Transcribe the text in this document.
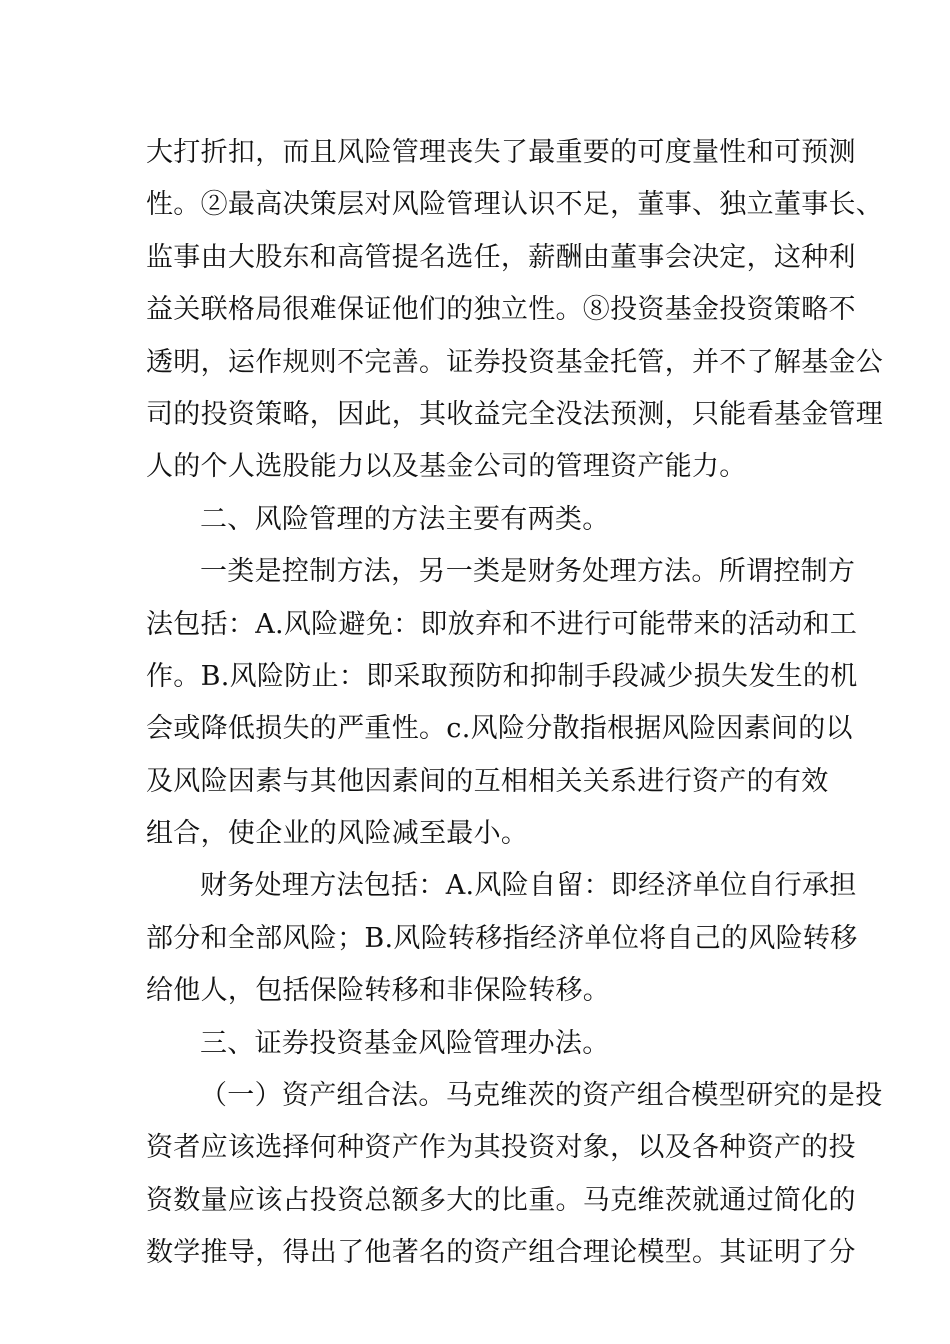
大打折扣，而且风险管理丧失了最重要的可度量性和可预测
性。②最高决策层对风险管理认识不足，董事、独立董事长、
监事由大股东和高管提名选任，薪酬由董事会决定，这种利
益关联格局很难保证他们的独立性。⑧投资基金投资策略不
透明，运作规则不完善。证券投资基金托管，并不了解基金公
司的投资策略，因此，其收益完全没法预测，只能看基金管理
人的个人选股能力以及基金公司的管理资产能力。
二、风险管理的方法主要有两类。
一类是控制方法，另一类是财务处理方法。所谓控制方
法包括：A.风险避免：即放弃和不进行可能带来的活动和工
作。B.风险防止：即采取预防和抑制手段减少损失发生的机
会或降低损失的严重性。c.风险分散指根据风险因素间的以
及风险因素与其他因素间的互相相关关系进行资产的有效
组合，使企业的风险减至最小。
财务处理方法包括：A.风险自留：即经济单位自行承担
部分和全部风险；B.风险转移指经济单位将自己的风险转移
给他人，包括保险转移和非保险转移。
三、证券投资基金风险管理办法。
（一）资产组合法。马克维茨的资产组合模型研究的是投
资者应该选择何种资产作为其投资对象，以及各种资产的投
资数量应该占投资总额多大的比重。马克维茨就通过简化的
数学推导，得出了他著名的资产组合理论模型。其证明了分
